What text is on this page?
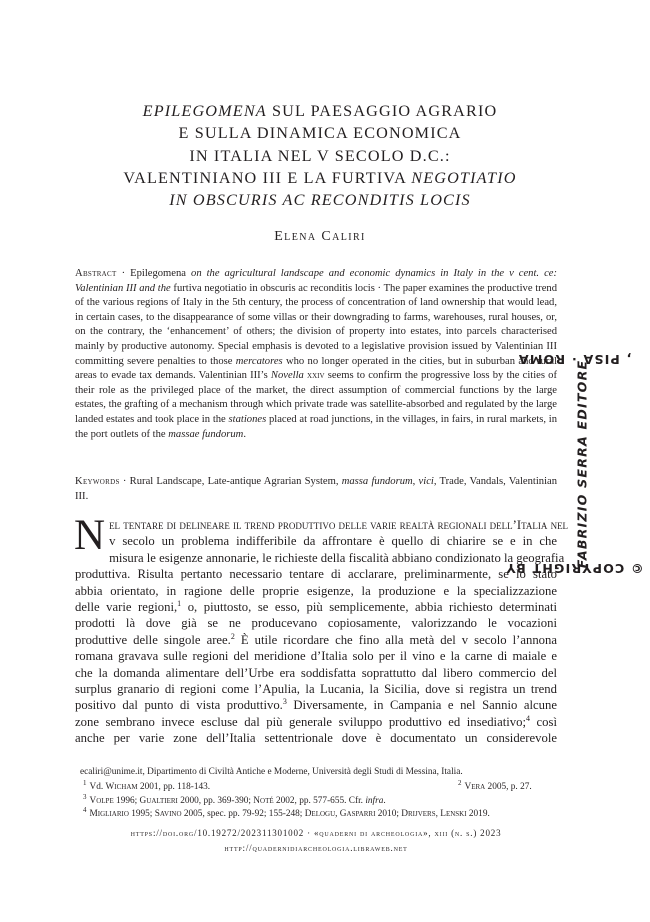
EPILEGOMENA SUL PAESAGGIO AGRARIO
E SULLA DINAMICA ECONOMICA
IN ITALIA NEL V SECOLO D.C.:
VALENTINIANO III E LA FURTIVA NEGOTIATIO
IN OBSCURIS AC RECONDITIS LOCIS
Elena Caliri

Abstract · Epilegomena on the agricultural landscape and economic dynamics in Italy in the v cent. ce: Valentinian III and the furtiva negotiatio in obscuris ac reconditis locis · The paper examines the productive trend of the various regions of Italy in the 5th century, the process of concentration of land ownership that would lead, in certain cases, to the disappearance of some villas or their downgrading to farms, warehouses, rural houses, or, on the contrary, the ‘enhancement’ of others; the division of property into estates, into parcels characterised mainly by productive autonomy. Special emphasis is devoted to a legislative provision issued by Valentinian III committing severe penalties to those mercatores who no longer operated in the cities, but in suburban and rural areas to evade tax demands. Valentinian III’s Novella xxiv seems to confirm the progressive loss by the cities of their role as the privileged place of the market, the direct assumption of commercial functions by the large estates, the grafting of a mechanism through which private trade was satellite-absorbed and regulated by the large landed estates and took place in the stationes placed at road junctions, in the villages, in fairs, in rural markets, in the port outlets of the massae fundorum.

Keywords · Rural Landscape, Late-antique Agrarian System, massa fundorum, vici, Trade, Vandals, Valentinian III.

N el tentare di delineare il trend produttivo delle varie realtà regionali dell’Italia nel
v secolo un problema indifferibile da affrontare è quello di chiarire se e in che
misura le esigenze annonarie, le richieste della fiscalità abbiano condizionato la geografia
produttiva. Risulta pertanto necessario tentare di acclarare, preliminarmente, se lo stato
abbia orientato, in ragione delle proprie esigenze, la produzione e la specializzazione
delle varie regioni,$^1$ o, piuttosto, se esso, più semplicemente, abbia richiesto determinati
prodotti là dove già se ne producevano copiosamente, valorizzando le vocazioni
produttive delle singole aree.$^2$ È utile ricordare che fino alla metà del v secolo l’annona
romana gravava sulle regioni del meridione d’Italia solo per il vino e la carne di maiale e
che la domanda alimentare dell’Urbe era soddisfatta soprattutto dal libero commercio del
surplus granario di regioni come l’Apulia, la Lucania, la Sicilia, dove si registra un trend
positivo dal punto di vista produttivo.$^3$ Diversamente, in Campania e nel Sannio alcune
zone sembrano invece escluse dal più generale sviluppo produttivo ed insediativo;$^4$ così
anche per varie zone dell’Italia settentrionale dove è documentato un considerevole
ecaliri@unime.it, Dipartimento di Civiltà Antiche e Moderne, Università degli Studi di Messina, Italia.
$^1$ Vd. Wicham 2001, pp. 118-143.	$^2$ Vera 2005, p. 27.
$^3$ Volpe 1996; Gualtieri 2000, pp. 369-390; Noté 2002, pp. 577-655. Cfr. infra.
$^4$ Migliario 1995; Savino 2005, spec. pp. 79-92; 155-248; Delogu, Gasparri 2010; Drijvers, Lenski 2019.
https://doi.org/10.19272/202311301002 · «quaderni di archeologia», xiii (n. s.) 2023
http://quadernidiarcheologia.libraweb.net
© COPYRIGHT BY
FABRIZIO SERRA EDITORE
, PISA · ROMA
